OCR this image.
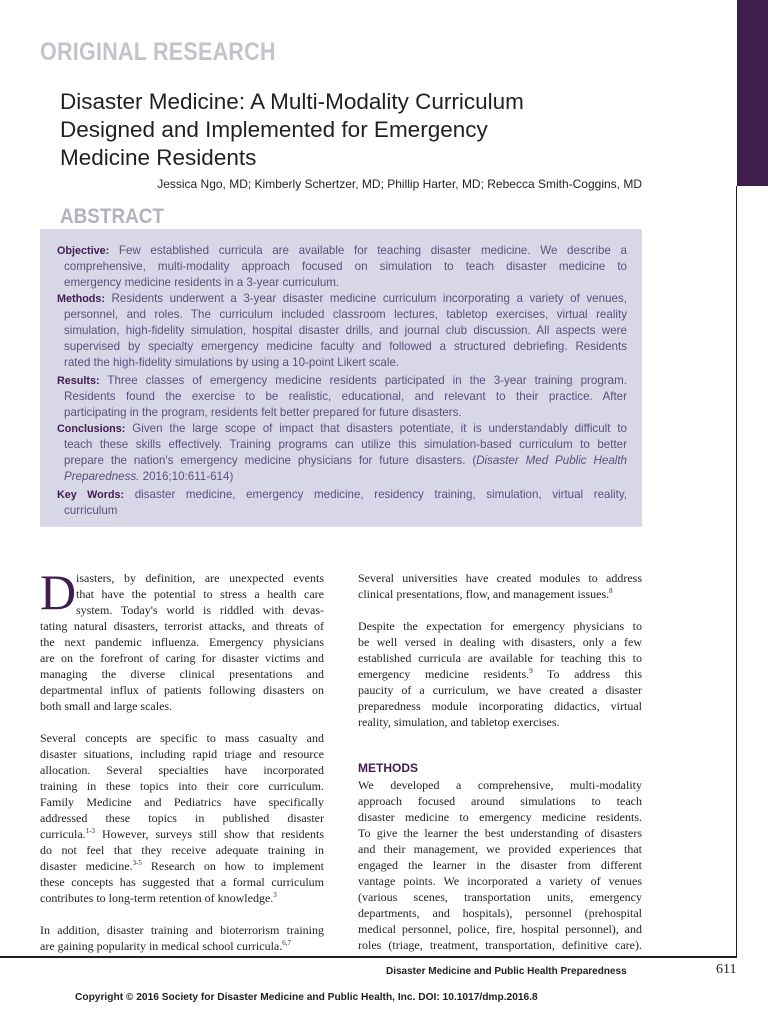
ORIGINAL RESEARCH
Disaster Medicine: A Multi-Modality Curriculum
Designed and Implemented for Emergency
Medicine Residents
Jessica Ngo, MD; Kimberly Schertzer, MD; Phillip Harter, MD; Rebecca Smith-Coggins, MD
ABSTRACT
Objective: Few established curricula are available for teaching disaster medicine. We describe a
comprehensive, multi-modality approach focused on simulation to teach disaster medicine to
emergency medicine residents in a 3-year curriculum.
Methods: Residents underwent a 3-year disaster medicine curriculum incorporating a variety of venues,
personnel, and roles. The curriculum included classroom lectures, tabletop exercises, virtual reality
simulation, high-fidelity simulation, hospital disaster drills, and journal club discussion. All aspects were
supervised by specialty emergency medicine faculty and followed a structured debriefing. Residents
rated the high-fidelity simulations by using a 10-point Likert scale.
Results: Three classes of emergency medicine residents participated in the 3-year training program.
Residents found the exercise to be realistic, educational, and relevant to their practice. After
participating in the program, residents felt better prepared for future disasters.
Conclusions: Given the large scope of impact that disasters potentiate, it is understandably difficult to
teach these skills effectively. Training programs can utilize this simulation-based curriculum to better
prepare the nation's emergency medicine physicians for future disasters. (Disaster Med Public Health
Preparedness. 2016;10:611-614)
Key Words: disaster medicine, emergency medicine, residency training, simulation, virtual reality,
curriculum
D isasters, by definition, are unexpected events
that have the potential to stress a health care
system. Today's world is riddled with devas-
tating natural disasters, terrorist attacks, and threats of
the next pandemic influenza. Emergency physicians
are on the forefront of caring for disaster victims and
managing the diverse clinical presentations and
departmental influx of patients following disasters on
both small and large scales.
Several concepts are specific to mass casualty and
disaster situations, including rapid triage and resource
allocation. Several specialties have incorporated
training in these topics into their core curriculum.
Family Medicine and Pediatrics have specifically
addressed these topics in published disaster
curricula.$^{1-3}$ However, surveys still show that residents
do not feel that they receive adequate training in
disaster medicine.$^{3-5}$ Research on how to implement
these concepts has suggested that a formal curriculum
contributes to long-term retention of knowledge.$^3$
In addition, disaster training and bioterrorism training
are gaining popularity in medical school curricula.$^{6,7}$
Several universities have created modules to address
clinical presentations, flow, and management issues.$^8$
Despite the expectation for emergency physicians to
be well versed in dealing with disasters, only a few
established curricula are available for teaching this to
emergency medicine residents.$^9$ To address this
paucity of a curriculum, we have created a disaster
preparedness module incorporating didactics, virtual
reality, simulation, and tabletop exercises.
METHODS
We developed a comprehensive, multi-modality
approach focused around simulations to teach
disaster medicine to emergency medicine residents.
To give the learner the best understanding of disasters
and their management, we provided experiences that
engaged the learner in the disaster from different
vantage points. We incorporated a variety of venues
(various scenes, transportation units, emergency
departments, and hospitals), personnel (prehospital
medical personnel, police, fire, hospital personnel), and
roles (triage, treatment, transportation, definitive care).
Disaster Medicine and Public Health Preparedness	611
Copyright © 2016 Society for Disaster Medicine and Public Health, Inc. DOI: 10.1017/dmp.2016.8
